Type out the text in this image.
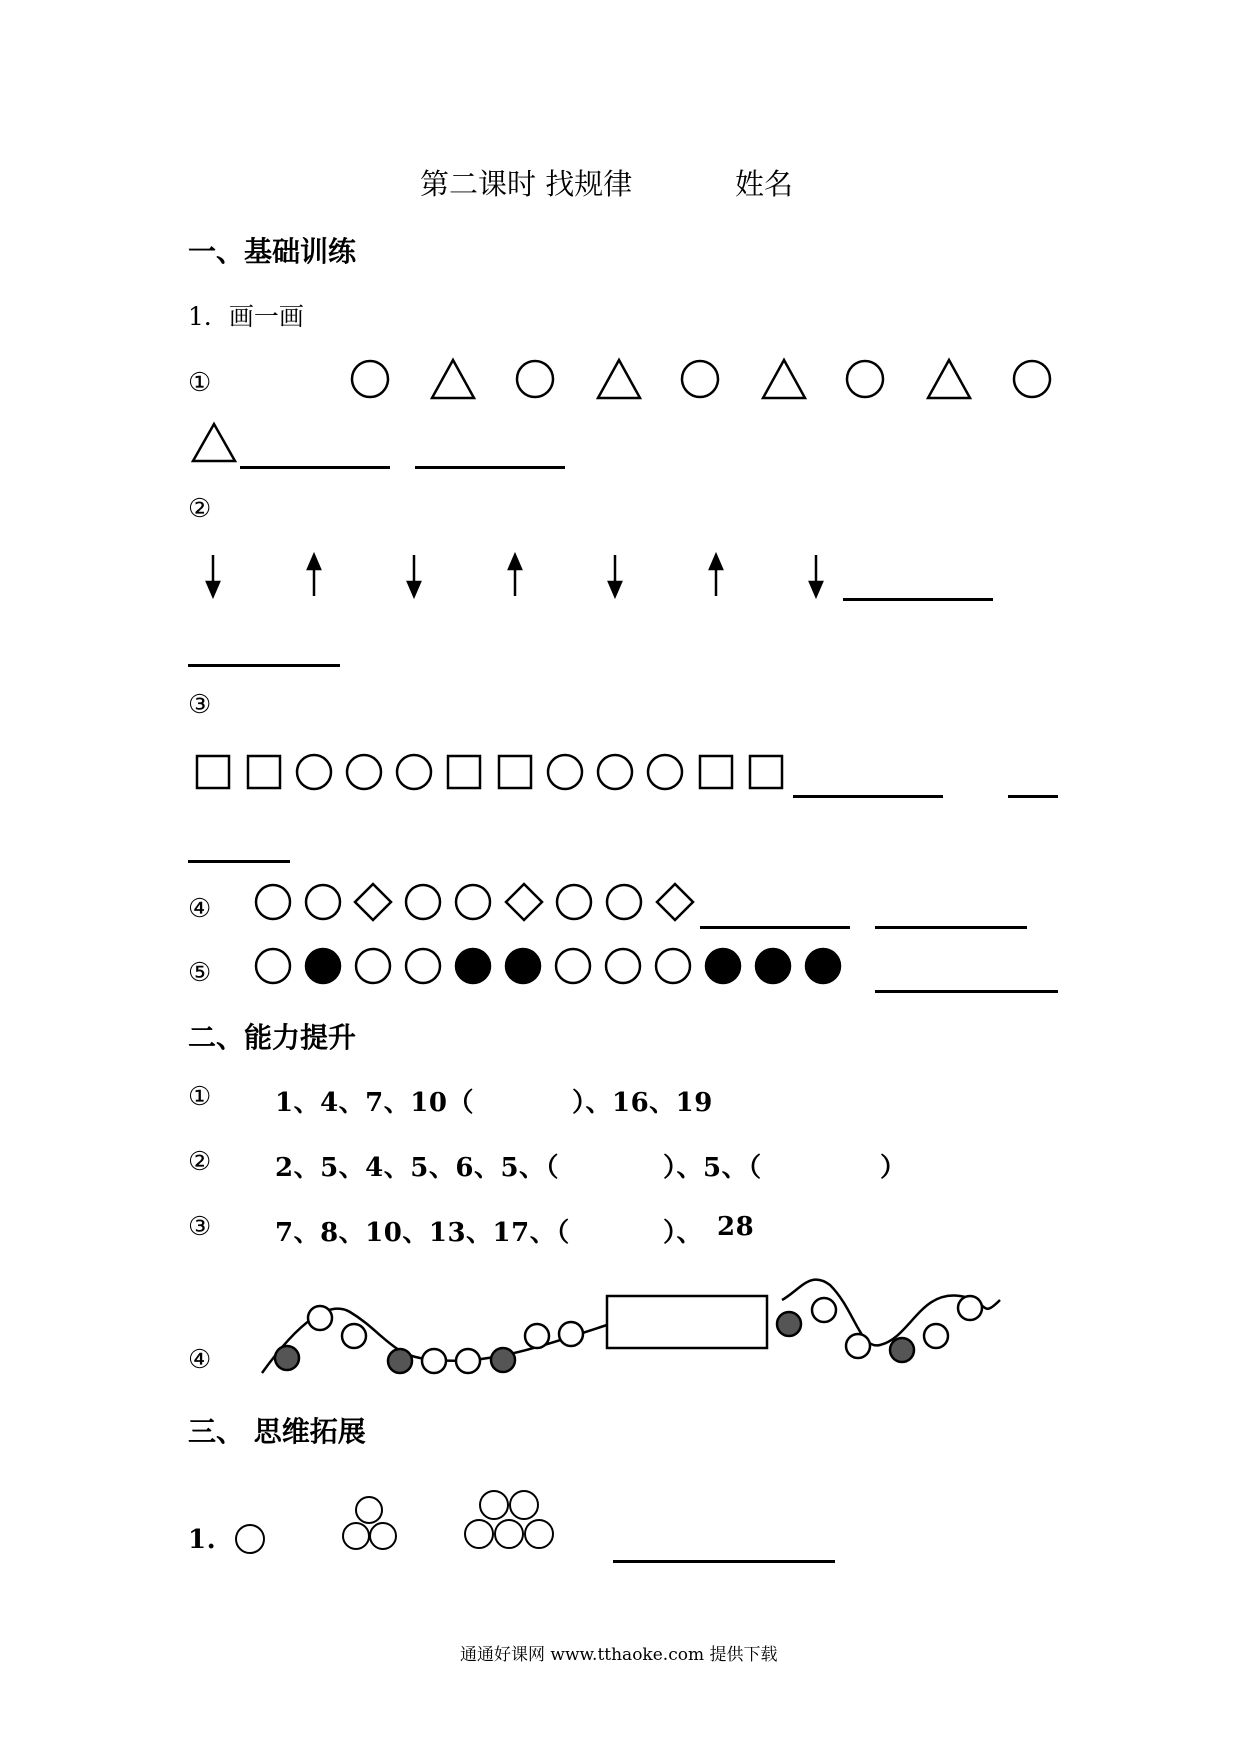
第二课时 找规律	姓名
一、基础训练
1．画一画
①
②
③
④
⑤
二、能力提升
① 1、4、7、10（	）、16、19
② 2、5、4、5、6、5、（	）、5、（	）
③ 7、8、10、13、17、（	）、 28
④
三、 思维拓展
1.
通通好课网 www.tthaoke.com 提供下载
